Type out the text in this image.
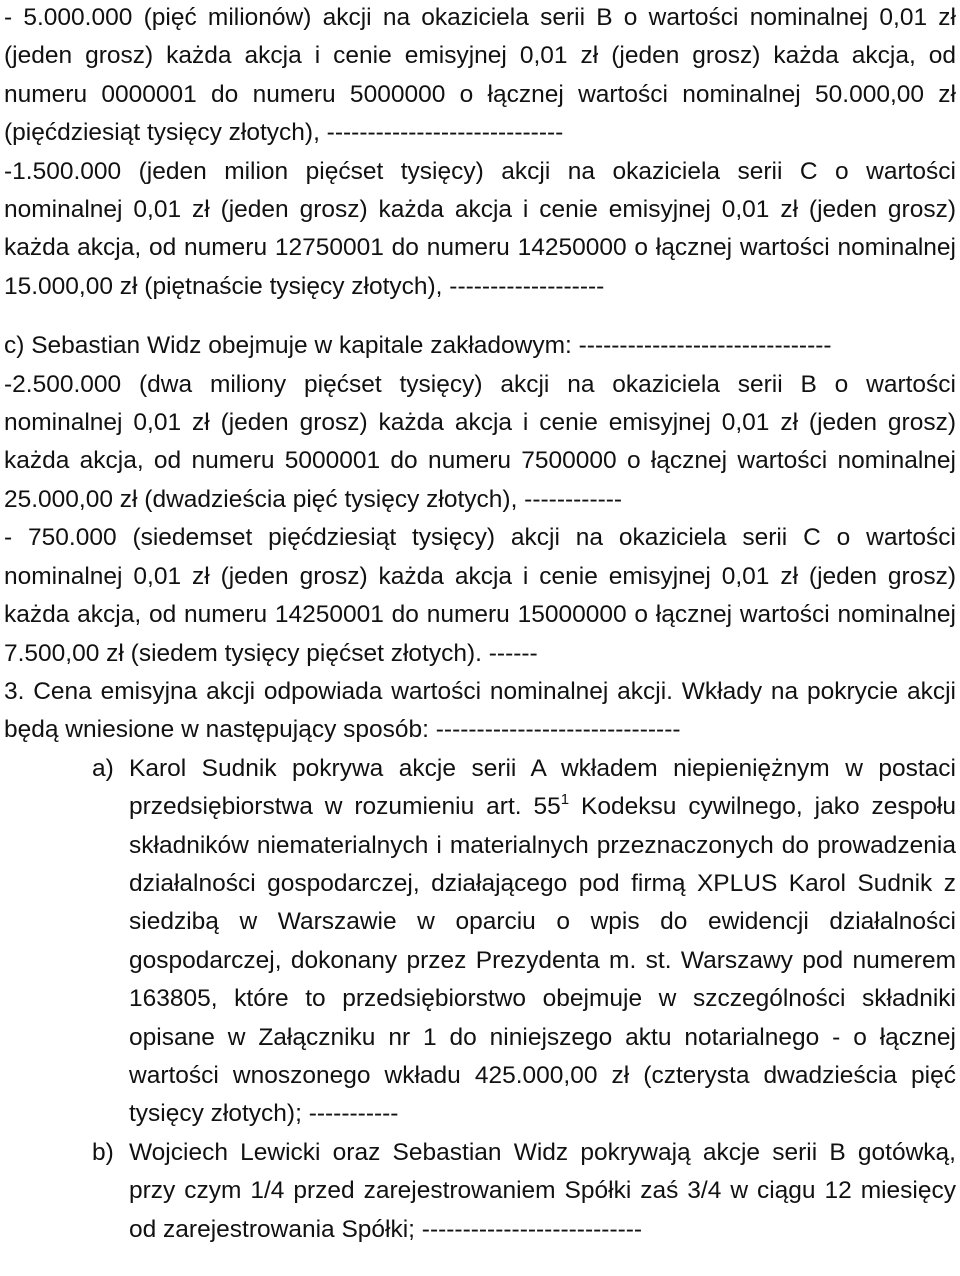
- 5.000.000 (pięć milionów) akcji na okaziciela serii B o wartości nominalnej 0,01 zł (jeden grosz) każda akcja i cenie emisyjnej 0,01 zł (jeden grosz) każda akcja, od numeru 0000001 do numeru 5000000 o łącznej wartości nominalnej 50.000,00 zł (pięćdziesiąt tysięcy złotych), -----------------------------

-1.500.000 (jeden milion pięćset tysięcy) akcji na okaziciela serii C o wartości nominalnej 0,01 zł (jeden grosz) każda akcja i cenie emisyjnej 0,01 zł (jeden grosz) każda akcja, od numeru 12750001 do numeru 14250000 o łącznej wartości nominalnej 15.000,00 zł (piętnaście tysięcy złotych), -------------------

c) Sebastian Widz obejmuje w kapitale zakładowym: -------------------------------

-2.500.000 (dwa miliony pięćset tysięcy) akcji na okaziciela serii B o wartości nominalnej 0,01 zł (jeden grosz) każda akcja i cenie emisyjnej 0,01 zł (jeden grosz) każda akcja, od numeru 5000001 do numeru 7500000 o łącznej wartości nominalnej 25.000,00 zł (dwadzieścia pięć tysięcy złotych), ------------

- 750.000 (siedemset pięćdziesiąt tysięcy) akcji na okaziciela serii C o wartości nominalnej 0,01 zł (jeden grosz) każda akcja i cenie emisyjnej 0,01 zł (jeden grosz) każda akcja, od numeru 14250001 do numeru 15000000 o łącznej wartości nominalnej 7.500,00 zł (siedem tysięcy pięćset złotych). ------

3. Cena emisyjna akcji odpowiada wartości nominalnej akcji. Wkłady na pokrycie akcji będą wniesione w następujący sposób: ------------------------------

a) Karol Sudnik pokrywa akcje serii A wkładem niepieniężnym w postaci przedsiębiorstwa w rozumieniu art. $55^1$ Kodeksu cywilnego, jako zespołu składników niematerialnych i materialnych przeznaczonych do prowadzenia działalności gospodarczej, działającego pod firmą XPLUS Karol Sudnik z siedzibą w Warszawie w oparciu o wpis do ewidencji działalności gospodarczej, dokonany przez Prezydenta m. st. Warszawy pod numerem 163805, które to przedsiębiorstwo obejmuje w szczególności składniki opisane w Załączniku nr 1 do niniejszego aktu notarialnego - o łącznej wartości wnoszonego wkładu 425.000,00 zł (czterysta dwadzieścia pięć tysięcy złotych); -----------
b) Wojciech Lewicki oraz Sebastian Widz pokrywają akcje serii B gotówką, przy czym 1/4 przed zarejestrowaniem Spółki zaś 3/4 w ciągu 12 miesięcy od zarejestrowania Spółki; ---------------------------
